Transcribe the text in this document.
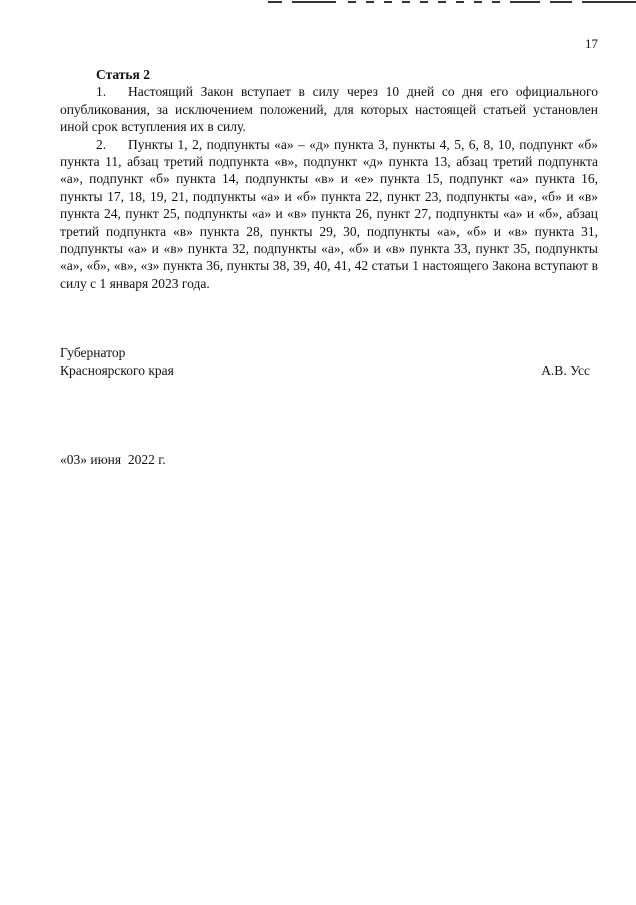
17
Статья 2

1. Настоящий Закон вступает в силу через 10 дней со дня его официального опубликования, за исключением положений, для которых настоящей статьей установлен иной срок вступления их в силу.

2. Пункты 1, 2, подпункты «а» – «д» пункта 3, пункты 4, 5, 6, 8, 10, подпункт «б» пункта 11, абзац третий подпункта «в», подпункт «д» пункта 13, абзац третий подпункта «а», подпункт «б» пункта 14, подпункты «в» и «е» пункта 15, подпункт «а» пункта 16, пункты 17, 18, 19, 21, подпункты «а» и «б» пункта 22, пункт 23, подпункты «а», «б» и «в» пункта 24, пункт 25, подпункты «а» и «в» пункта 26, пункт 27, подпункты «а» и «б», абзац третий подпункта «в» пункта 28, пункты 29, 30, подпункты «а», «б» и «в» пункта 31, подпункты «а» и «в» пункта 32, подпункты «а», «б» и «в» пункта 33, пункт 35, подпункты «а», «б», «в», «з» пункта 36, пункты 38, 39, 40, 41, 42 статьи 1 настоящего Закона вступают в силу с 1 января 2023 года.

Губернатор
Красноярского края	А.В. Усс
«03» июня  2022 г.
